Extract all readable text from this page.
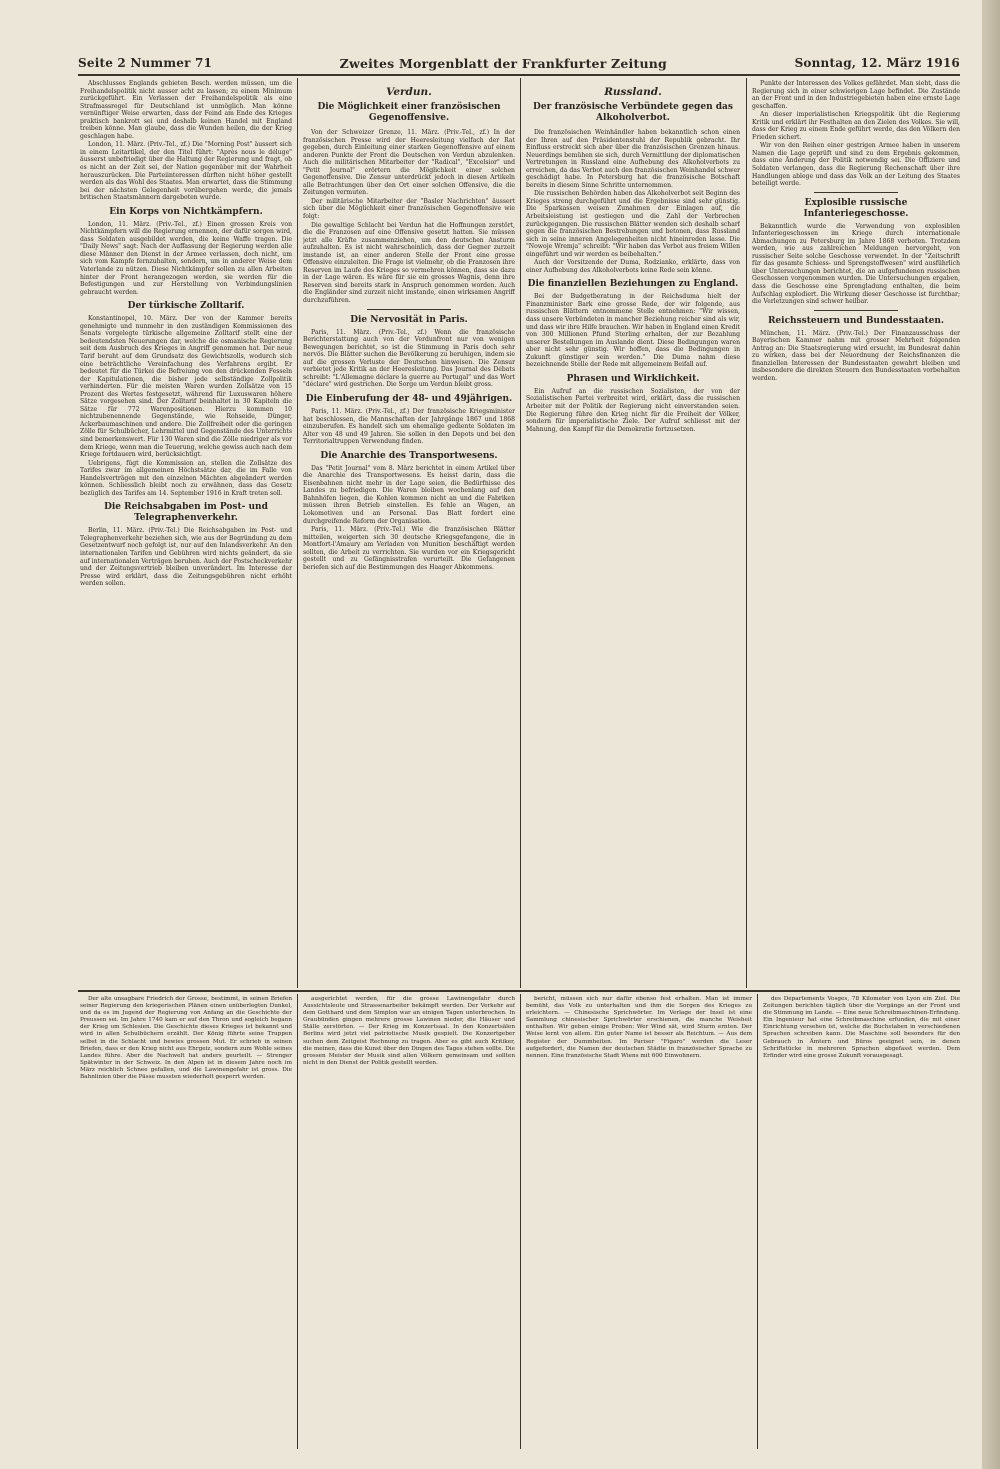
Seite 2 Nummer 71	Zweites Morgenblatt der Frankfurter Zeitung	Sonntag, 12. März 1916

Abschlusses Englands gebieten Besch. werden müssen, um die Freihandelspolitik nicht ausser acht zu lassen; zu einem Minimum zurückgeführt. Ein Verlassen der Freihandelspolitik als eine Strafmassregel für Deutschland ist unmöglich. Man könne vernünftiger Weise erwarten, dass der Feind am Ende des Krieges praktisch bankrott sei und deshalb keinen Handel mit England treiben könne. Man glaube, dass die Wunden heilen, die der Krieg geschlagen habe.

London, 11. März. (Priv.-Tel., zf.) Die "Morning Post" äussert sich in einem Leitartikel, der den Titel führt: "Après nous le déluge" äusserst unbefriedigt über die Haltung der Regierung und fragt, ob es nicht an der Zeit sei, der Nation gegenüber mit der Wahrheit herauszurücken. Die Parteiinteressen dürften nicht höher gestellt werden als das Wohl des Staates. Man erwartet, dass die Stimmung bei der nächsten Gelegenheit vorübergehen werde, die jemals britischen Staatsmännern dargeboten wurde.

Ein Korps von Nichtkämpfern.

London, 11. März. (Priv.-Tel., zf.) Einen grossen Kreis von Nichtkämpfern will die Regierung ernennen, der dafür sorgen wird, dass Soldaten ausgebildet werden, die keine Waffe tragen. Die "Daily News" sagt: Nach der Auffassung der Regierung werden alle diese Männer den Dienst in der Armee verlassen, doch nicht, um sich vom Kampfe fernzuhalten, sondern, um in anderer Weise dem Vaterlande zu nützen. Diese Nichtkämpfer sollen zu allen Arbeiten hinter der Front herangezogen werden, sie werden für die Befestigungen und zur Herstellung von Verbindungslinien gebraucht werden.

Der türkische Zolltarif.

Konstantinopel, 10. März. Der von der Kammer bereits genehmigte und nunmehr in den zuständigen Kommissionen des Senats vorgelegte türkische allgemeine Zolltarif stellt eine der bedeutendsten Neuerungen dar, welche die osmanische Regierung seit dem Ausbruch des Krieges in Angriff genommen hat. Der neue Tarif beruht auf dem Grundsatz des Gewichtszolls, wodurch sich eine beträchtliche Vereinfachung des Verfahrens ergibt. Er bedeutet für die Türkei die Befreiung von den drückenden Fesseln der Kapitulationen, die bisher jede selbständige Zollpolitik verhinderten. Für die meisten Waren wurden Zollsätze von 15 Prozent des Wertes festgesetzt, während für Luxuswaren höhere Sätze vorgesehen sind. Der Zolltarif beinhaltet in 30 Kapiteln die Sätze für 772 Warenpositionen. Hierzu kommen 10 nichtzubenennende Gegenstände, wie Rohseide, Dünger, Ackerbaumaschinen und andere. Die Zollfreiheit oder die geringen Zölle für Schulbücher, Lehrmittel und Gegenstände des Unterrichts sind bemerkenswert. Für 130 Waren sind die Zölle niedriger als vor dem Kriege, wenn man die Teuerung, welche gewiss auch nach dem Kriege fortdauern wird, berücksichtigt.

Uebrigens, fügt die Kommission an, stellen die Zollsätze des Tarifes zwar im allgemeinen Höchstsätze dar, die im Falle von Handelsverträgen mit den einzelnen Mächten abgeändert werden können. Schliesslich bleibt noch zu erwähnen, dass das Gesetz bezüglich des Tarifes am 14. September 1916 in Kraft treten soll.

Die Reichsabgaben im Post- und Telegraphenverkehr.

Berlin, 11. März. (Priv.-Tel.) Die Reichsabgaben im Post- und Telegraphenverkehr beziehen sich, wie aus der Begründung zu dem Gesetzentwurf noch gefolgt ist, nur auf den Inlandsverkehr. An den internationalen Tarifen und Gebühren wird nichts geändert, da sie auf internationalen Verträgen beruhen. Auch der Postscheckverkehr und der Zeitungsvertrieb bleiben unverändert. Im Interesse der Presse wird erklärt, dass die Zeitungsgebühren nicht erhöht werden sollen.

Verdun.
Die Möglichkeit einer französischen Gegenoffensive.

Von der Schweizer Grenze, 11. März. (Priv.-Tel., zf.) In der französischen Presse wird der Heeresleitung vielfach der Rat gegeben, durch Einleitung einer starken Gegenoffensive auf einem anderen Punkte der Front die Deutschen von Verdun abzulenken. Auch die militärischen Mitarbeiter der "Radical", "Excelsior" und "Petit Journal" erörtern die Möglichkeit einer solchen Gegenoffensive. Die Zensur unterdrückt jedoch in diesen Artikeln alle Betrachtungen über den Ort einer solchen Offensive, die die Zeitungen vermuten.

Der militärische Mitarbeiter der "Basler Nachrichten" äussert sich über die Möglichkeit einer französischen Gegenoffensive wie folgt:

Die gewaltige Schlacht bei Verdun hat die Hoffnungen zerstört, die die Franzosen auf eine Offensive gesetzt hatten. Sie müssen jetzt alle Kräfte zusammenziehen, um den deutschen Ansturm aufzuhalten. Es ist nicht wahrscheinlich, dass der Gegner zurzeit imstande ist, an einer anderen Stelle der Front eine grosse Offensive einzuleiten. Die Frage ist vielmehr, ob die Franzosen ihre Reserven im Laufe des Krieges so vermehren können, dass sie dazu in der Lage wären. Es wäre für sie ein grosses Wagnis, denn ihre Reserven sind bereits stark in Anspruch genommen worden. Auch die Engländer sind zurzeit nicht imstande, einen wirksamen Angriff durchzuführen.

Die Nervosität in Paris.

Paris, 11. März. (Priv.-Tel., zf.) Wenn die französische Berichterstattung auch von der Verdunfront nur von wenigen Bewegungen berichtet, so ist die Stimmung in Paris doch sehr nervös. Die Blätter suchen die Bevölkerung zu beruhigen, indem sie auf die grossen Verluste der Deutschen hinweisen. Die Zensur verbietet jede Kritik an der Heeresleitung. Das Journal des Débats schreibt: "L'Allemagne déclare la guerre au Portugal" und das Wort "déclare" wird gestrichen. Die Sorge um Verdun bleibt gross.

Die Einberufung der 48- und 49jährigen.

Paris, 11. März. (Priv.-Tel., zf.) Der französische Kriegsminister hat beschlossen, die Mannschaften der Jahrgänge 1867 und 1868 einzuberufen. Es handelt sich um ehemalige gediente Soldaten im Alter von 48 und 49 Jahren. Sie sollen in den Depots und bei den Territorialtruppen Verwendung finden.

Die Anarchie des Transportwesens.

Das "Petit Journal" vom 8. März berichtet in einem Artikel über die Anarchie des Transportwesens. Es heisst darin, dass die Eisenbahnen nicht mehr in der Lage seien, die Bedürfnisse des Landes zu befriedigen. Die Waren bleiben wochenlang auf den Bahnhöfen liegen, die Kohlen kommen nicht an und die Fabriken müssen ihren Betrieb einstellen. Es fehle an Wagen, an Lokomotiven und an Personal. Das Blatt fordert eine durchgreifende Reform der Organisation.

Paris, 11. März. (Priv.-Tel.) Wie die französischen Blätter mitteilen, weigerten sich 30 deutsche Kriegsgefangene, die in Montfort-l'Amaury am Verladen von Munition beschäftigt werden sollten, die Arbeit zu verrichten. Sie wurden vor ein Kriegsgericht gestellt und zu Gefängnisstrafen verurteilt. Die Gefangenen beriefen sich auf die Bestimmungen des Haager Abkommens.

Russland.
Der französische Verbündete gegen das Alkoholverbot.

Die französischen Weinhändler haben bekanntlich schon einen der Ihren auf den Präsidentenstuhl der Republik gebracht. Ihr Einfluss erstreckt sich aber über die französischen Grenzen hinaus. Neuerdings bemühen sie sich, durch Vermittlung der diplomatischen Vertretungen in Russland eine Aufhebung des Alkoholverbots zu erreichen, da das Verbot auch den französischen Weinhandel schwer geschädigt habe. In Petersburg hat die französische Botschaft bereits in diesem Sinne Schritte unternommen.

Die russischen Behörden haben das Alkoholverbot seit Beginn des Krieges streng durchgeführt und die Ergebnisse sind sehr günstig. Die Sparkassen weisen Zunahmen der Einlagen auf, die Arbeitsleistung ist gestiegen und die Zahl der Verbrechen zurückgegangen. Die russischen Blätter wenden sich deshalb scharf gegen die französischen Bestrebungen und betonen, dass Russland sich in seine inneren Angelegenheiten nicht hineinreden lasse. Die "Nowoje Wremja" schreibt: "Wir haben das Verbot aus freiem Willen eingeführt und wir werden es beibehalten."

Auch der Vorsitzende der Duma, Rodzianko, erklärte, dass von einer Aufhebung des Alkoholverbots keine Rede sein könne.

Die finanziellen Beziehungen zu England.

Bei der Budgetberatung in der Reichsduma hielt der Finanzminister Bark eine grosse Rede, der wir folgende, aus russischen Blättern entnommene Stelle entnehmen: "Wir wissen, dass unsere Verbündeten in mancher Beziehung reicher sind als wir, und dass wir ihre Hilfe brauchen. Wir haben in England einen Kredit von 300 Millionen Pfund Sterling erhalten, der zur Bezahlung unserer Bestellungen im Auslande dient. Diese Bedingungen waren aber nicht sehr günstig. Wir hoffen, dass die Bedingungen in Zukunft günstiger sein werden." Die Duma nahm diese bezeichnende Stelle der Rede mit allgemeinem Beifall auf.

Phrasen und Wirklichkeit.

Ein Aufruf an die russischen Sozialisten, der von der Sozialistischen Partei verbreitet wird, erklärt, dass die russischen Arbeiter mit der Politik der Regierung nicht einverstanden seien. Die Regierung führe den Krieg nicht für die Freiheit der Völker, sondern für imperialistische Ziele. Der Aufruf schliesst mit der Mahnung, den Kampf für die Demokratie fortzusetzen.

Punkte der Interessen des Volkes gefährdet. Man sieht, dass die Regierung sich in einer schwierigen Lage befindet. Die Zustände an der Front und in den Industriegebieten haben eine ernste Lage geschaffen.

An dieser imperialistischen Kriegspolitik übt die Regierung Kritik und erklärt ihr Festhalten an den Zielen des Volkes. Sie will, dass der Krieg zu einem Ende geführt werde, das den Völkern den Frieden sichert.

Wir von den Reihen einer gestrigen Armee haben in unserem Namen die Lage geprüft und sind zu dem Ergebnis gekommen, dass eine Änderung der Politik notwendig sei. Die Offiziere und Soldaten verlangen, dass die Regierung Rechenschaft über ihre Handlungen ablege und dass das Volk an der Leitung des Staates beteiligt werde.

Explosible russische Infanteriegeschosse.

Bekanntlich wurde die Verwendung von explosiblen Infanteriegeschossen im Kriege durch internationale Abmachungen zu Petersburg im Jahre 1868 verboten. Trotzdem werden, wie aus zahlreichen Meldungen hervorgeht, von russischer Seite solche Geschosse verwendet. In der "Zeitschrift für das gesamte Schiess- und Sprengstoffwesen" wird ausführlich über Untersuchungen berichtet, die an aufgefundenen russischen Geschossen vorgenommen wurden. Die Untersuchungen ergaben, dass die Geschosse eine Sprengladung enthalten, die beim Aufschlag explodiert. Die Wirkung dieser Geschosse ist furchtbar; die Verletzungen sind schwer heilbar.

Reichssteuern und Bundesstaaten.

München, 11. März. (Priv.-Tel.) Der Finanzausschuss der Bayerischen Kammer nahm mit grosser Mehrheit folgenden Antrag an: Die Staatsregierung wird ersucht, im Bundesrat dahin zu wirken, dass bei der Neuordnung der Reichsfinanzen die finanziellen Interessen der Bundesstaaten gewahrt bleiben und insbesondere die direkten Steuern den Bundesstaaten vorbehalten werden.

Der alte unsagbare Friedrich der Grosse, bestimmt, in seinen Briefen seiner Regierung den kriegerischen Plänen einen unüberlegten Dunkel, und da es im Jugend der Regierung von Anfang an die Geschichte der Preussen sei. Im Jahre 1740 kam er auf den Thron und sogleich begann der Krieg um Schlesien. Die Geschichte dieses Krieges ist bekannt und wird in allen Schulbüchern erzählt. Der König führte seine Truppen selbst in die Schlacht und bewies grossen Mut. Er schrieb in seinen Briefen, dass er den Krieg nicht aus Ehrgeiz, sondern zum Wohle seines Landes führe. Aber die Nachwelt hat anders geurteilt. — Strenger Spätwinter in der Schweiz. In den Alpen ist in diesem Jahre noch im März reichlich Schnee gefallen, und die Lawinengefahr ist gross. Die Bahnlinien über die Pässe mussten wiederholt gesperrt werden.

ausgerichtet werden, für die grosse Lawinengefahr durch Aussichtsleute und Strassenarbeiter bekämpft werden. Der Verkehr auf dem Gotthard und dem Simplon war an einigen Tagen unterbrochen. In Graubünden gingen mehrere grosse Lawinen nieder, die Häuser und Ställe zerstörten. — Der Krieg im Konzertsaal. In den Konzertsälen Berlins wird jetzt viel patriotische Musik gespielt. Die Konzertgeber suchen dem Zeitgeist Rechnung zu tragen. Aber es gibt auch Kritiker, die meinen, dass die Kunst über den Dingen des Tages stehen sollte. Die grossen Meister der Musik sind allen Völkern gemeinsam und sollten nicht in den Dienst der Politik gestellt werden.

bericht, müssen sich nur dafür ebenso fest erhalten. Man ist immer bemüht, das Volk zu unterhalten und ihm die Sorgen des Krieges zu erleichtern. — Chinesische Sprichwörter. Im Verlage der Insel ist eine Sammlung chinesischer Sprichwörter erschienen, die manche Weisheit enthalten. Wir geben einige Proben: Wer Wind sät, wird Sturm ernten. Der Weise lernt von allem. Ein guter Name ist besser als Reichtum. — Aus dem Register der Dummheiten. Im Pariser "Figaro" werden die Leser aufgefordert, die Namen der deutschen Städte in französischer Sprache zu nennen. Eine französische Stadt Wiens mit 600 Einwohnern.

des Départements Vosges, 78 Kilometer von Lyon ein Ziel. Die Zeitungen berichten täglich über die Vorgänge an der Front und die Stimmung im Lande. — Eine neue Schreibmaschinen-Erfindung. Ein Ingenieur hat eine Schreibmaschine erfunden, die mit einer Einrichtung versehen ist, welche die Buchstaben in verschiedenen Sprachen schreiben kann. Die Maschine soll besonders für den Gebrauch in Ämtern und Büros geeignet sein, in denen Schriftstücke in mehreren Sprachen abgefasst werden. Dem Erfinder wird eine grosse Zukunft vorausgesagt.
